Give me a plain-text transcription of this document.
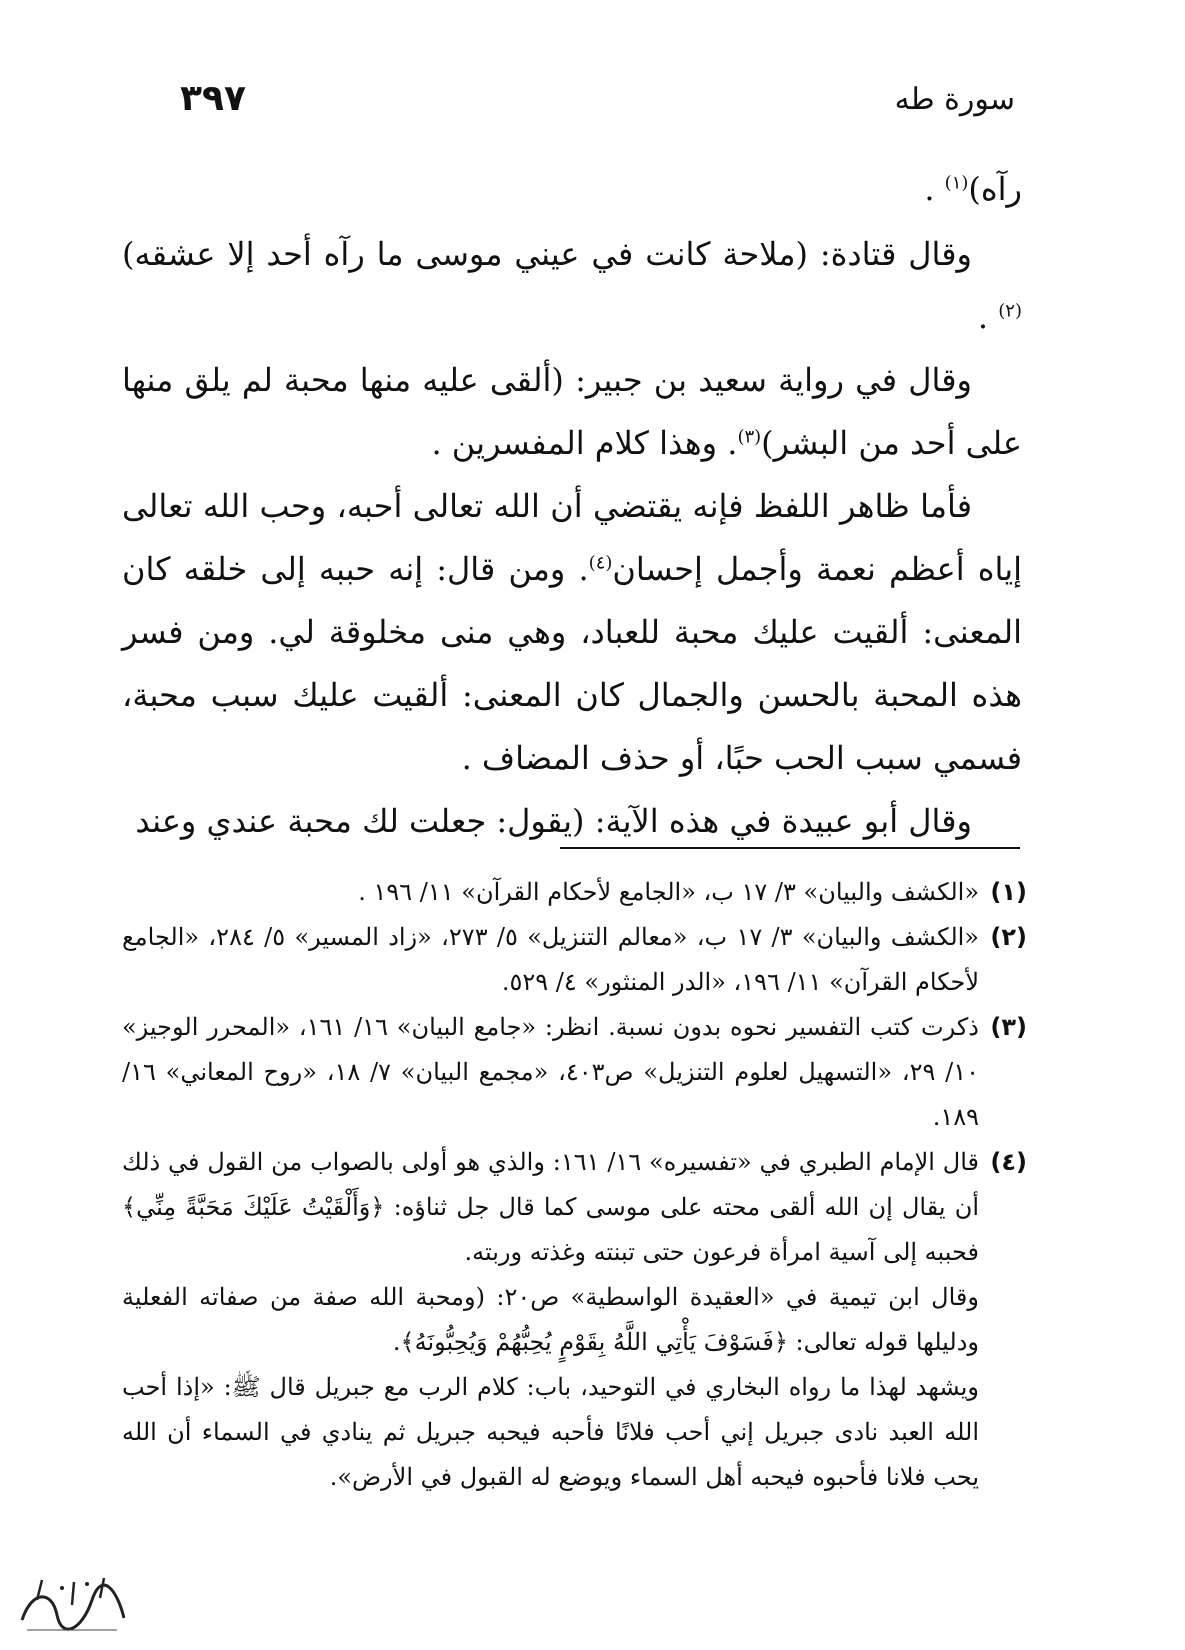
٣٩٧	سورة طه

رآه)$^{(١)}$ .

وقال قتادة: (ملاحة كانت في عيني موسى ما رآه أحد إلا عشقه)$^{(٢)}$ .

وقال في رواية سعيد بن جبير: (ألقى عليه منها محبة لم يلق منها على أحد من البشر)$^{(٣)}$. وهذا كلام المفسرين .

فأما ظاهر اللفظ فإنه يقتضي أن الله تعالى أحبه، وحب الله تعالى إياه أعظم نعمة وأجمل إحسان$^{(٤)}$. ومن قال: إنه حببه إلى خلقه كان المعنى: ألقيت عليك محبة للعباد، وهي منى مخلوقة لي. ومن فسر هذه المحبة بالحسن والجمال كان المعنى: ألقيت عليك سبب محبة، فسمي سبب الحب حبًا، أو حذف المضاف .

وقال أبو عبيدة في هذه الآية: (يقول: جعلت لك محبة عندي وعند

(١)

«الكشف والبيان» ٣/ ١٧ ب، «الجامع لأحكام القرآن» ١١/ ١٩٦ .

(٢)

«الكشف والبيان» ٣/ ١٧ ب، «معالم التنزيل» ٥/ ٢٧٣، «زاد المسير» ٥/ ٢٨٤، «الجامع لأحكام القرآن» ١١/ ١٩٦، «الدر المنثور» ٤/ ٥٢٩.

(٣)

ذكرت كتب التفسير نحوه بدون نسبة. انظر: «جامع البيان» ١٦/ ١٦١، «المحرر الوجيز» ١٠/ ٢٩، «التسهيل لعلوم التنزيل» ص٤٠٣، «مجمع البيان» ٧/ ١٨، «روح المعاني» ١٦/ ١٨٩.

(٤)

قال الإمام الطبري في «تفسيره» ١٦/ ١٦١: والذي هو أولى بالصواب من القول في ذلك أن يقال إن الله ألقى محته على موسى كما قال جل ثناؤه: ﴿وَأَلْقَيْتُ عَلَيْكَ مَحَبَّةً مِنِّي﴾ فحببه إلى آسية امرأة فرعون حتى تبنته وغذته وربته.

وقال ابن تيمية في «العقيدة الواسطية» ص٢٠: (ومحبة الله صفة من صفاته الفعلية ودليلها قوله تعالى: ﴿فَسَوْفَ يَأْتِي اللَّهُ بِقَوْمٍ يُحِبُّهُمْ وَيُحِبُّونَهُ﴾.

ويشهد لهذا ما رواه البخاري في التوحيد، باب: كلام الرب مع جبريل قال ﷺ: «إذا أحب الله العبد نادى جبريل إني أحب فلانًا فأحبه فيحبه جبريل ثم ينادي في السماء أن الله يحب فلانا فأحبوه فيحبه أهل السماء ويوضع له القبول في الأرض».
